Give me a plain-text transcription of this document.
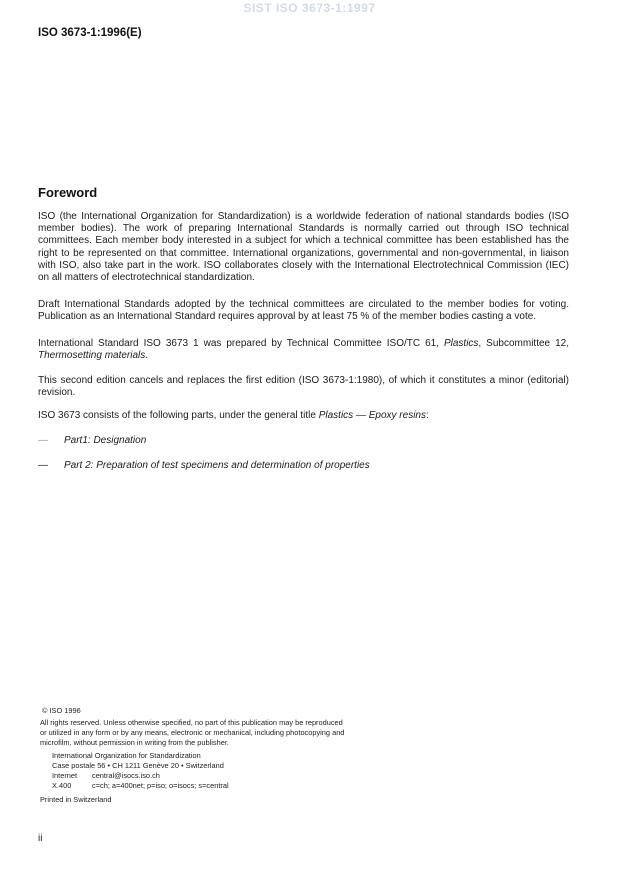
SIST ISO 3673-1:1997
ISO 3673-1:1996(E)
Foreword

ISO (the International Organization for Standardization) is a worldwide federation of national standards bodies (ISO member bodies). The work of preparing International Standards is normally carried out through ISO technical committees. Each member body interested in a subject for which a technical committee has been established has the right to be represented on that committee. International organizations, governmental and non-governmental, in liaison with ISO, also take part in the work. ISO collaborates closely with the International Electrotechnical Commission (IEC) on all matters of electrotechnical standardization.

Draft International Standards adopted by the technical committees are circulated to the member bodies for voting. Publication as an International Standard requires approval by at least 75 % of the member bodies casting a vote.

International Standard ISO 3673 1 was prepared by Technical Committee ISO/TC 61, Plastics, Subcommittee 12, Thermosetting materials.

This second edition cancels and replaces the first edition (ISO 3673-1:1980), of which it constitutes a minor (editorial) revision.

ISO 3673 consists of the following parts, under the general title Plastics — Epoxy resins:

— Part1: Designation
— Part 2: Preparation of test specimens and determination of properties
© ISO 1996
All rights reserved. Unless otherwise specified, no part of this publication may be reproduced
or utilized in any form or by any means, electronic or mechanical, including photocopying and
microfilm, without permission in writing from the publisher.
International Organization for Standardization
Case postale 56 • CH 1211 Genève 20 • Switzerland
Internet central@isocs.iso.ch
X.400	c=ch; a=400net; p=iso; o=isocs; s=central
Printed in Switzerland
ii
